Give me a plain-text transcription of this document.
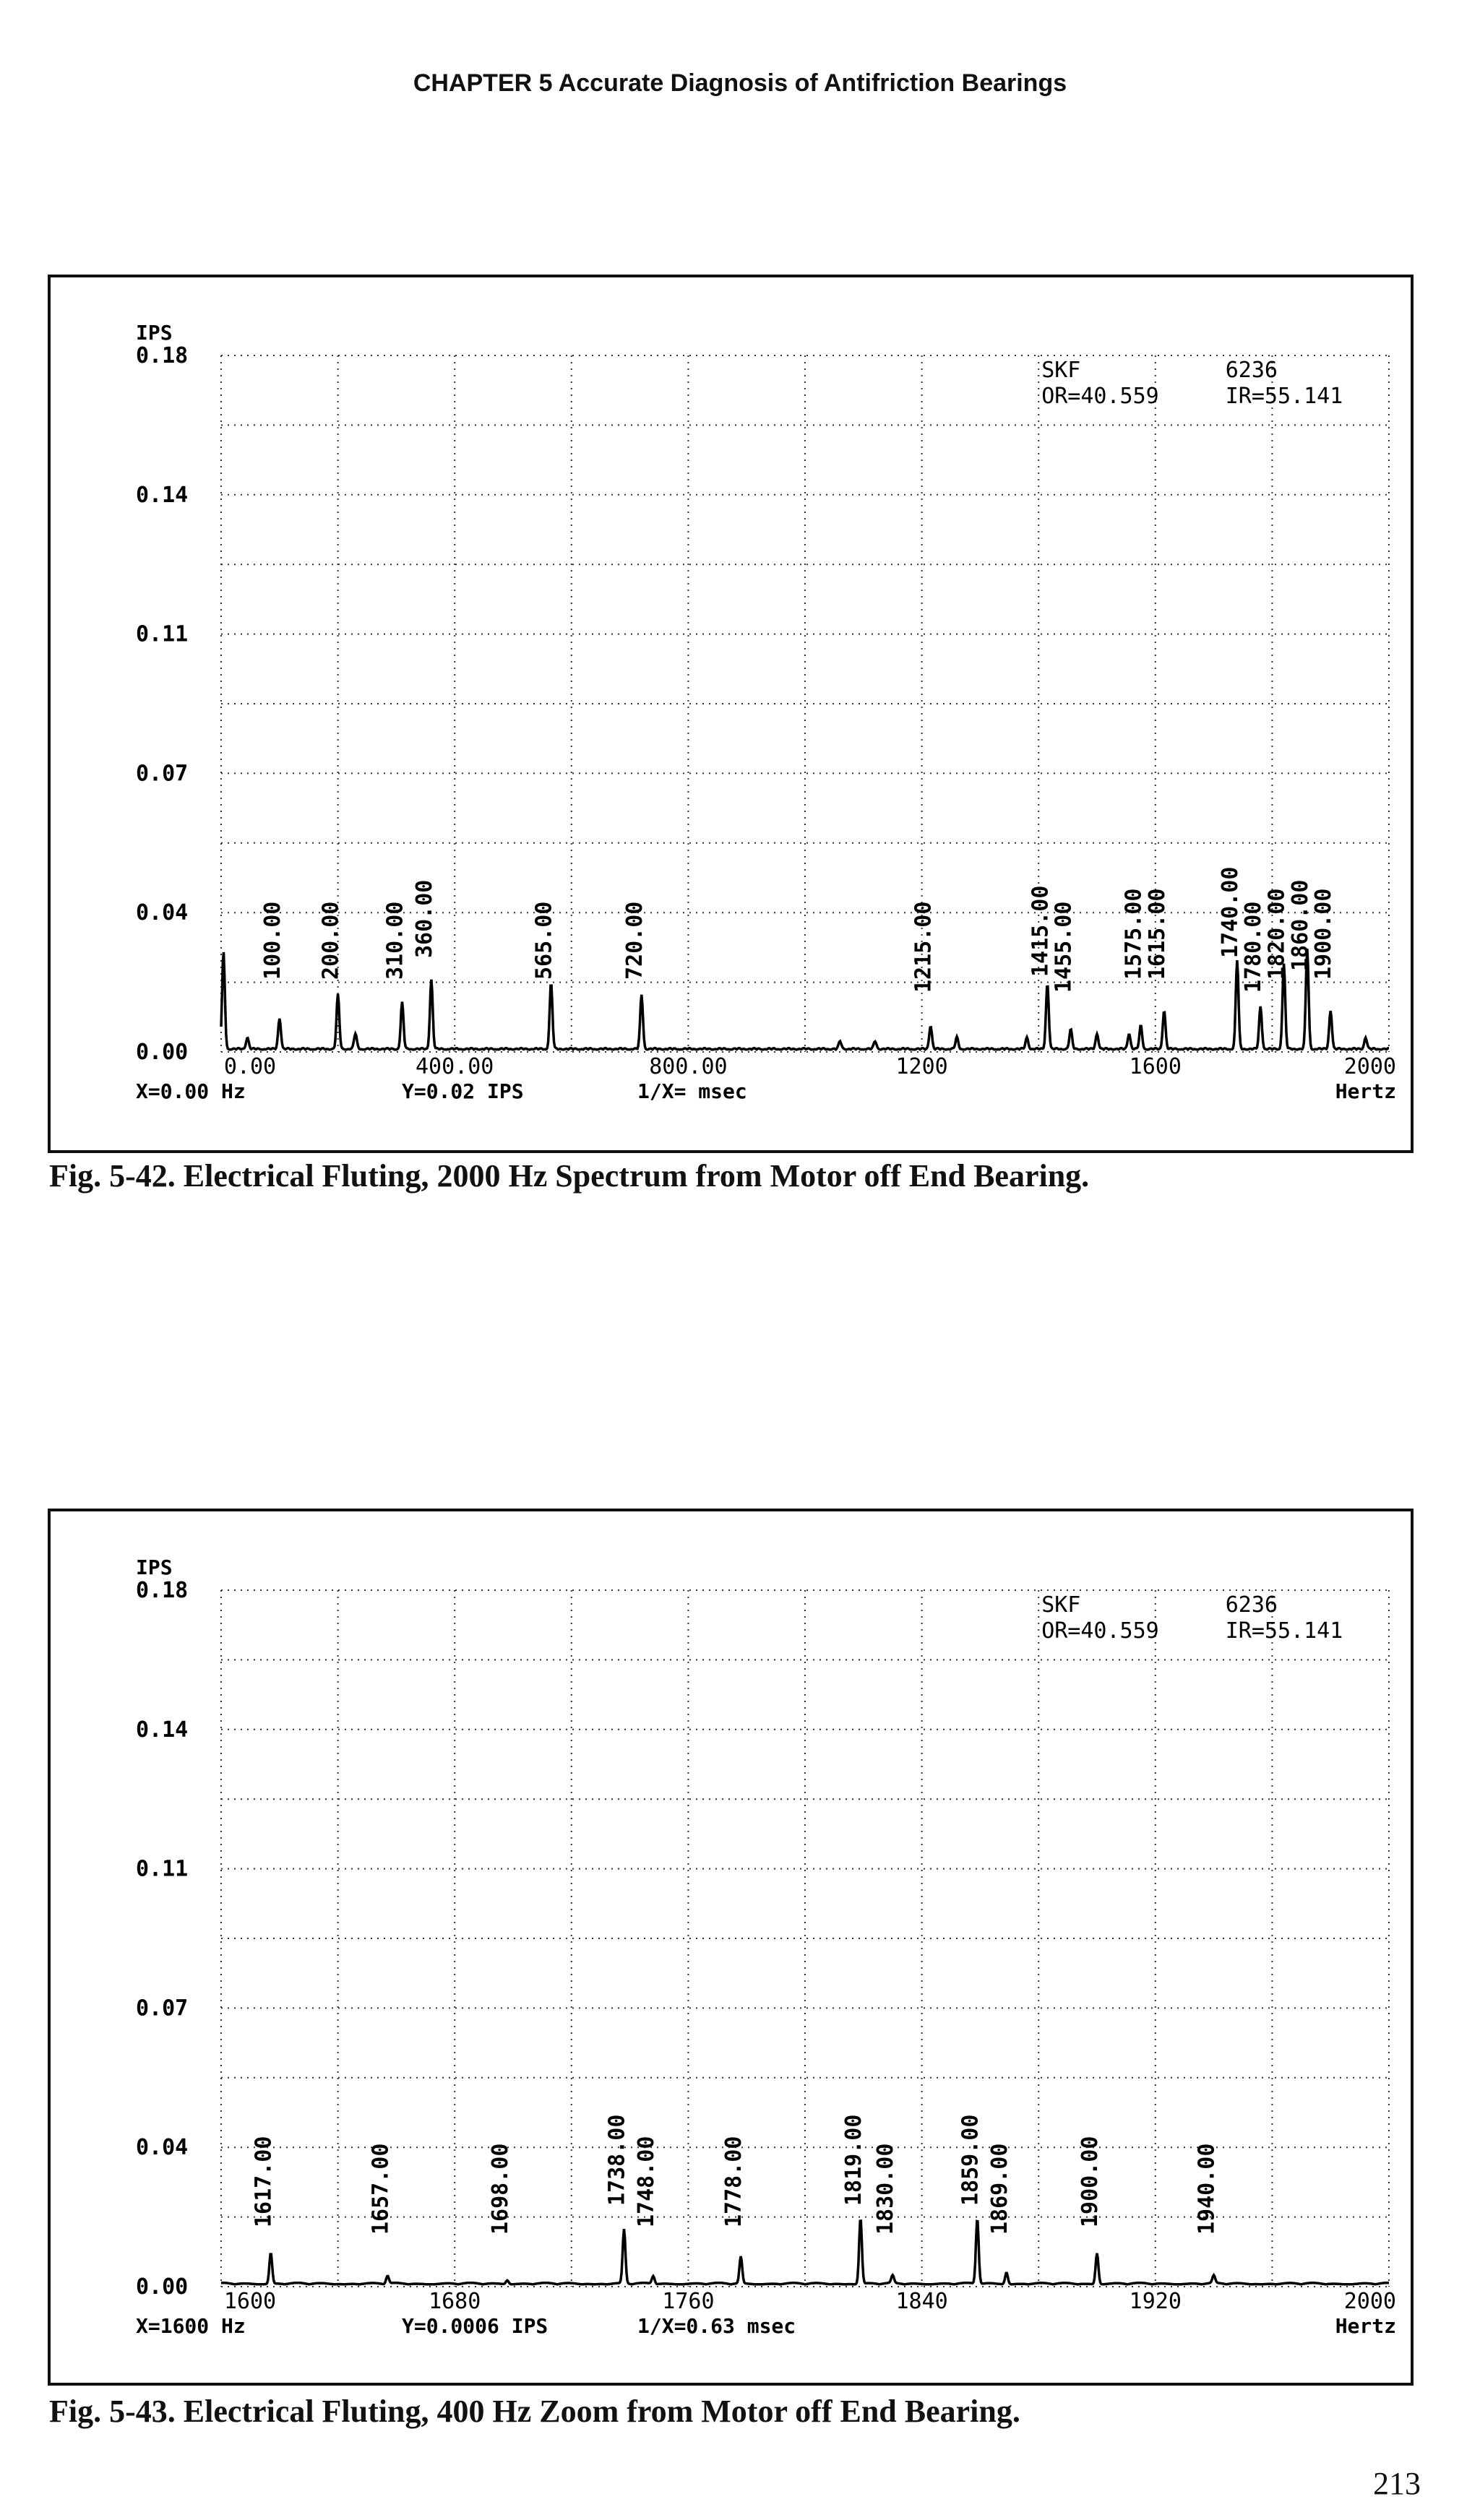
CHAPTER 5 Accurate Diagnosis of Antifriction Bearings
IPS
0.18
0.14
0.11
0.07
0.04
0.00
0.00	400.00	800.00	1200	1600	2000
Hertz
X=0.00 Hz	Y=0.02 IPS	1/X= msec
SKF	6236
OR=40.559	IR=55.141
100.00 200.00 310.00 360.00	565.00	720.00	1215.00	1415.00
1455.00 1575.00
1615.00 1740.00
1780.00
1820.00
1860.00
1900.00
Fig. 5-42. Electrical Fluting, 2000 Hz Spectrum from Motor off End Bearing.
IPS
0.18
0.14
0.11
0.07
0.04
0.00
1600	1680	1760	1840	1920	2000
Hertz
X=1600 Hz	Y=0.0006 IPS	1/X=0.63 msec
SKF	6236
OR=40.559	IR=55.141
1617.00	1657.00	1698.00	1738.00 1748.00	1778.00	1819.00 1830.00	1859.00 1869.00	1900.00	1940.00
Fig. 5-43. Electrical Fluting, 400 Hz Zoom from Motor off End Bearing.
213
